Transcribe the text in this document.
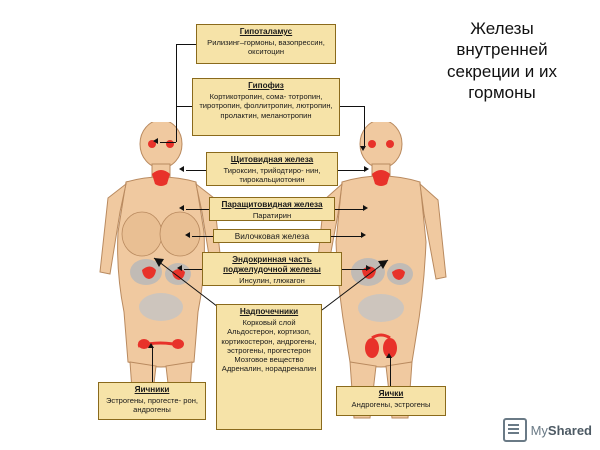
Железы
внутренней
секреции и их
гормоны
Гипоталамус
Рилизинг–гормоны, вазопрессин, окситоцин
Гипофиз
Кортикотропин, сома- тотропин, тиротропин, фоллитропин, лютропин, пролактин, меланотропин
Щитовидная железа
Тироксин, трийодтиро- нин, тирокальциотонин
Паращитовидная железа
Паратирин
Вилочковая железа
Эндокринная часть поджелудочной железы
Инсулин, глюкагон
Надпочечники
Корковый слой Альдостерон, кортизол, кортикостерон, андрогены, эстрогены, прогестерон Мозговое вещество Адреналин, норадреналин
Яичники
Эстрогены, прогесте- рон, андрогены
Яички
Андрогены, эстрогены
MyShared
